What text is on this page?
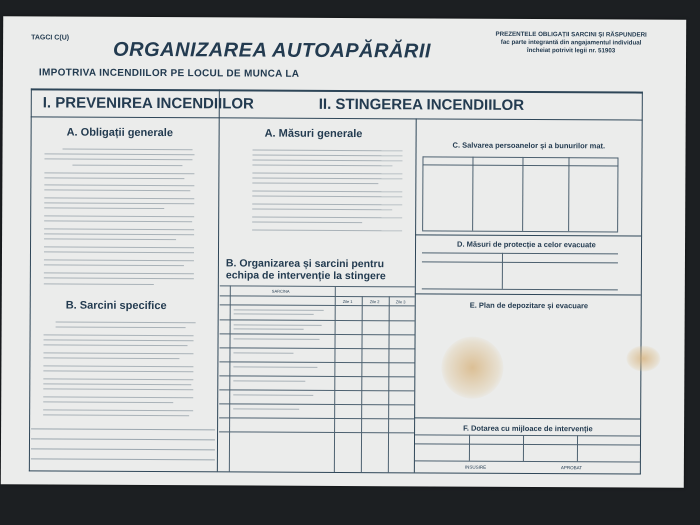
TAGCI C(U)
ORGANIZAREA AUTOAPĂRĂRII
IMPOTRIVA INCENDIILOR PE LOCUL DE MUNCA LA
PREZENTELE OBLIGAȚII SARCINI ȘI RĂSPUNDERI
fac parte integrantă din angajamentul individual
încheiat potrivit legii nr. 51903
I. PREVENIREA INCENDIILOR	II. STINGEREA INCENDIILOR
A. Obligații generale
B. Sarcini specifice
A. Măsuri generale
B. Organizarea și sarcini pentru
echipa de intervenție la stingere
SARCINA
Zile 1	Zile 2	Zile 3
C. Salvarea persoanelor și a bunurilor mat.
D. Măsuri de protecție a celor evacuate
E. Plan de depozitare și evacuare
F. Dotarea cu mijloace de intervenție
INSUSIRE	APROBAT
